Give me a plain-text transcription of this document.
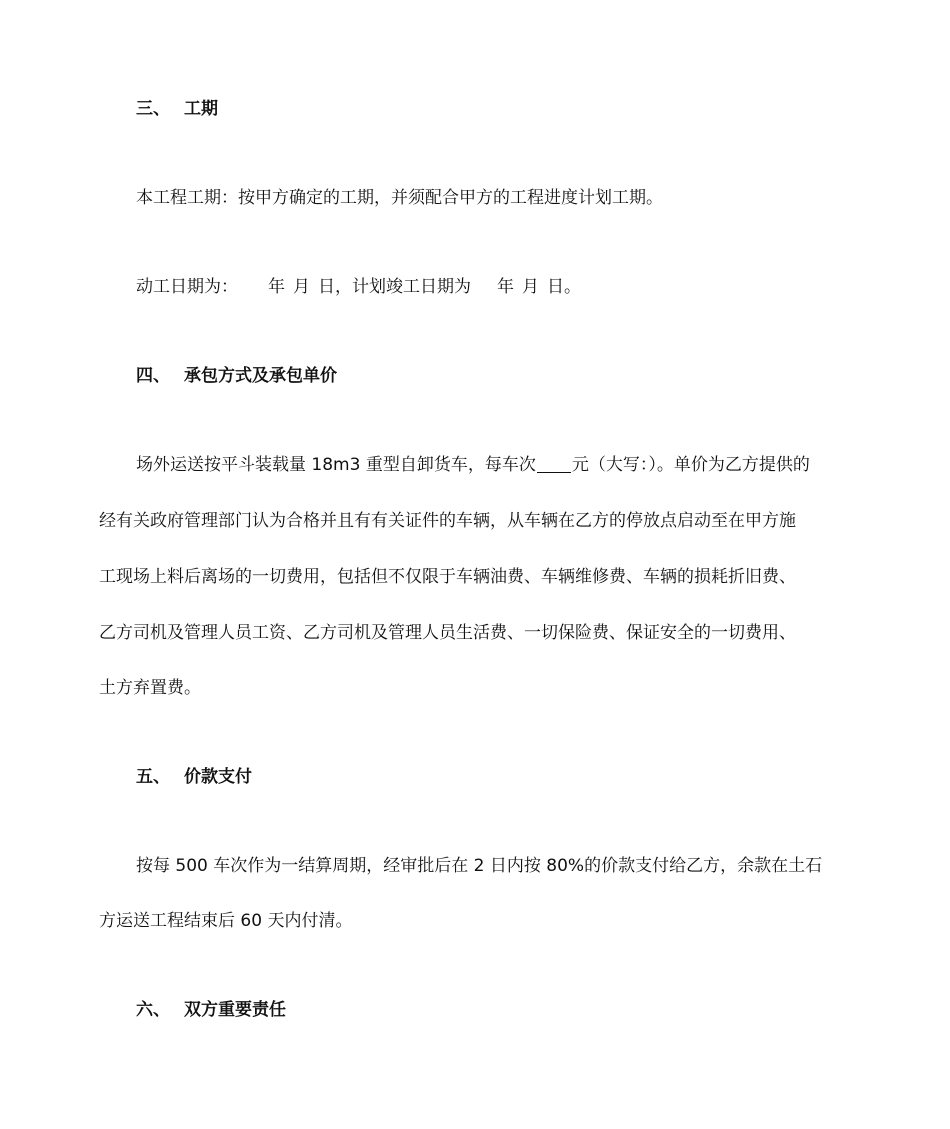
三、 工期
本工程工期：按甲方确定的工期，并须配合甲方的工程进度计划工期。
动工日期为： 年 月 日，计划竣工日期为 年 月 日。
四、 承包方式及承包单价
场外运送按平斗装载量 18m3 重型自卸货车，每车次 元（大写：）。单价为乙方提供的
经有关政府管理部门认为合格并且有有关证件的车辆，从车辆在乙方的停放点启动至在甲方施
工现场上料后离场的一切费用，包括但不仅限于车辆油费、车辆维修费、车辆的损耗折旧费、
乙方司机及管理人员工资、乙方司机及管理人员生活费、一切保险费、保证安全的一切费用、
土方弃置费。
五、 价款支付
按每 500 车次作为一结算周期，经审批后在 2 日内按 80%的价款支付给乙方，余款在土石
方运送工程结束后 60 天内付清。
六、 双方重要责任
